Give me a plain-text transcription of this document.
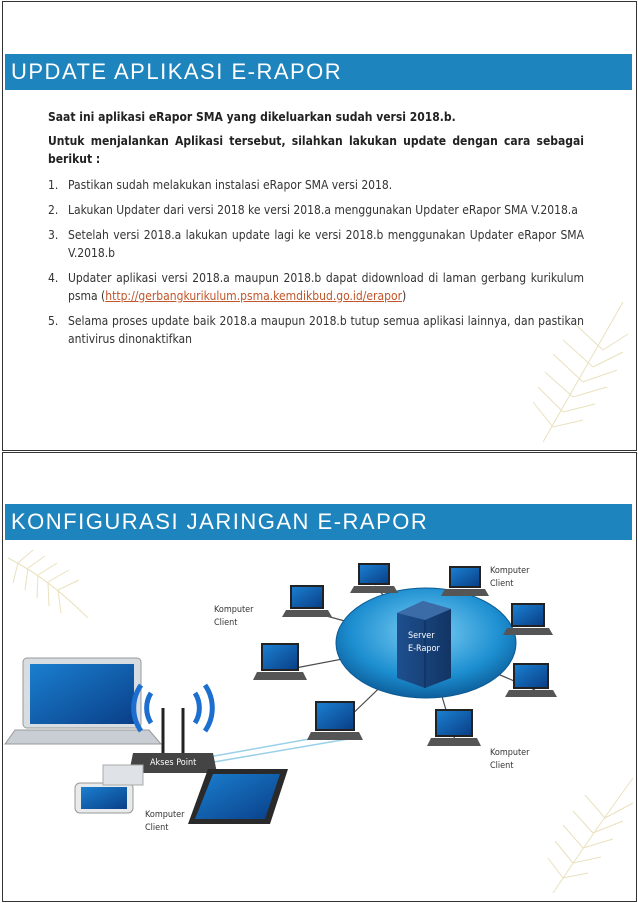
UPDATE APLIKASI E-RAPOR

Saat ini aplikasi eRapor SMA yang dikeluarkan sudah versi 2018.b.

Untuk menjalankan Aplikasi tersebut, silahkan lakukan update dengan cara sebagai berikut :

1. Pastikan sudah melakukan instalasi eRapor SMA versi 2018.
2. Lakukan Updater dari versi 2018 ke versi 2018.a menggunakan Updater eRapor SMA V.2018.a
3. Setelah versi 2018.a lakukan update lagi ke versi 2018.b menggunakan Updater eRapor SMA V.2018.b
4. Updater aplikasi versi 2018.a maupun 2018.b dapat didownload di laman gerbang kurikulum psma (http://gerbangkurikulum.psma.kemdikbud.go.id/erapor)
5. Selama proses update baik 2018.a maupun 2018.b tutup semua aplikasi lainnya, dan pastikan antivirus dinonaktifkan
KONFIGURASI JARINGAN E-RAPOR
Komputer
Client
Komputer
Client
Server
E-Rapor
Komputer
Client
Akses Point
Komputer
Client
